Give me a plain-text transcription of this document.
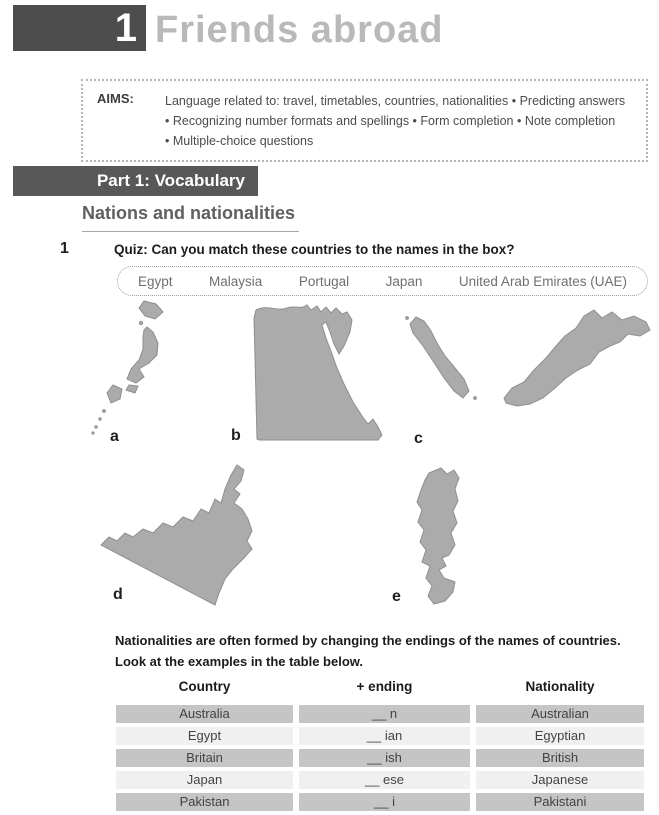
1 Friends abroad
AIMS:	Language related to: travel, timetables, countries, nationalities • Predicting answers
• Recognizing number formats and spellings • Form completion • Note completion
• Multiple-choice questions
Part 1: Vocabulary
Nations and nationalities
1	Quiz: Can you match these countries to the names in the box?
Egypt	Malaysia	Portugal	Japan	United Arab Emirates (UAE)
a	b	c
d	e
Nationalities are often formed by changing the endings of the names of countries.
Look at the examples in the table below.
Country	+ ending	Nationality
Australia	__ n	Australian
Egypt	__ ian	Egyptian
Britain	__ ish	British
Japan	__ ese	Japanese
Pakistan	__ i	Pakistani
